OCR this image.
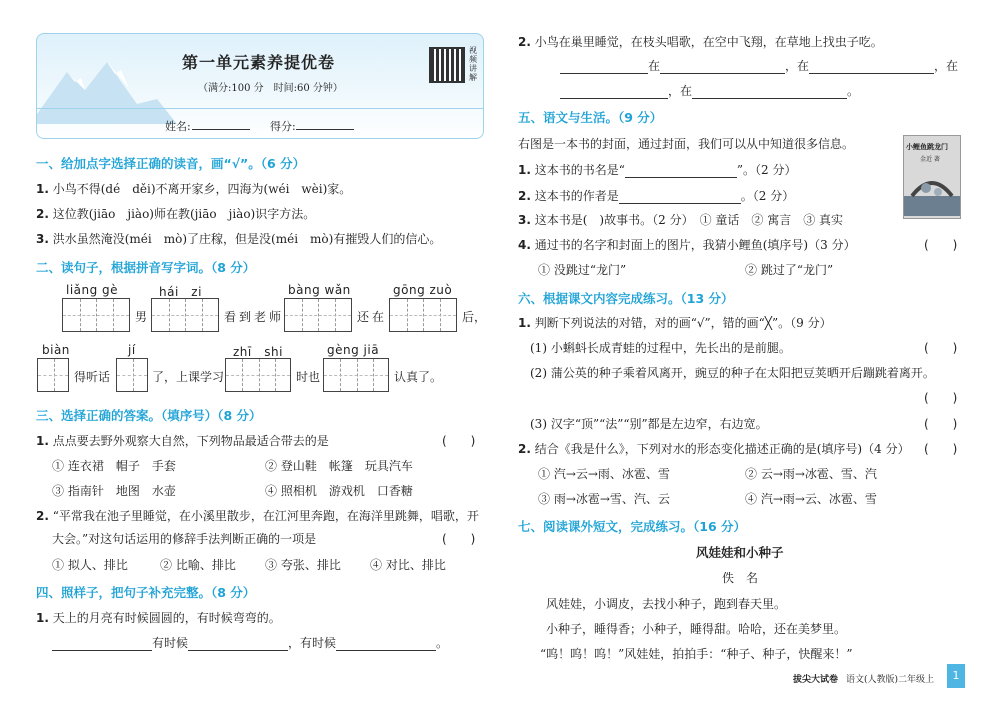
视频讲解
第一单元素养提优卷
（满分:100 分　时间:60 分钟）
姓名:	得分:
一、给加点字选择正确的读音，画“√”。（6 分）
1. 小鸟不得(dé　děi)不离开家乡，四海为(wéi　wèi)家。
2. 这位教(jiāo　jiào)师在教(jiāo　jiào)识字方法。
3. 洪水虽然淹没(méi　mò)了庄稼，但是没(méi　mò)有摧毁人们的信心。
二、读句子，根据拼音写字词。（8 分）
liǎng gè	hái　zi	bàng wǎn	gōng zuò
男	看到老师	还在	后，
biàn	jí	zhī　shi	gèng jiā
得听话	了，上课学习	时也	认真了。
三、选择正确的答案。（填序号）（8 分）
1. 点点要去野外观察大自然，下列物品最适合带去的是	(　　)
① 连衣裙　帽子　手套	② 登山鞋　帐篷　玩具汽车
③ 指南针　地图　水壶	④ 照相机　游戏机　口香糖
2. “平常我在池子里睡觉，在小溪里散步，在江河里奔跑，在海洋里跳舞，唱歌，开
大会。”对这句话运用的修辞手法判断正确的一项是	(　　)
① 拟人、排比	② 比喻、排比 ③ 夸张、排比 ④ 对比、排比
四、照样子，把句子补充完整。（8 分）
1. 天上的月亮有时候圆圆的，有时候弯弯的。
有时候	，有时候	。
2. 小鸟在巢里睡觉，在枝头唱歌，在空中飞翔，在草地上找虫子吃。
在	，在	，在
，在	。
五、语文与生活。（9 分）
右图是一本书的封面，通过封面，我们可以从中知道很多信息。
1. 这本书的书名是“	”。（2 分）
2. 这本书的作者是	。（2 分）
3. 这本书是(　)故事书。（2 分）　① 童话　② 寓言　③ 真实
4. 通过书的名字和封面上的图片，我猜小鲤鱼(填序号)（3 分）	(　　)
① 没跳过“龙门”	② 跳过了“龙门”
小鲤鱼跳龙门
金近 著
六、根据课文内容完成练习。（13 分）
1. 判断下列说法的对错，对的画“√”，错的画“╳”。（9 分）
(1) 小蝌蚪长成青蛙的过程中，先长出的是前腿。	(　　)
(2) 蒲公英的种子乘着风离开，豌豆的种子在太阳把豆荚晒开后蹦跳着离开。
(　　)
(3) 汉字“顶”“法”“别”都是左边窄，右边宽。	(　　)
2. 结合《我是什么》，下列对水的形态变化描述正确的是(填序号)（4 分） (　　)
① 汽→云→雨、冰雹、雪	② 云→雨→冰雹、雪、汽
③ 雨→冰雹→雪、汽、云	④ 汽→雨→云、冰雹、雪
七、阅读课外短文，完成练习。（16 分）
风娃娃和小种子
佚　名
风娃娃，小调皮，去找小种子，跑到春天里。
小种子，睡得香；小种子，睡得甜。哈哈，还在美梦里。
“呜！呜！呜！”风娃娃，拍拍手：“种子、种子，快醒来！”
拔尖大试卷 语文(人教版)二年级上	1
